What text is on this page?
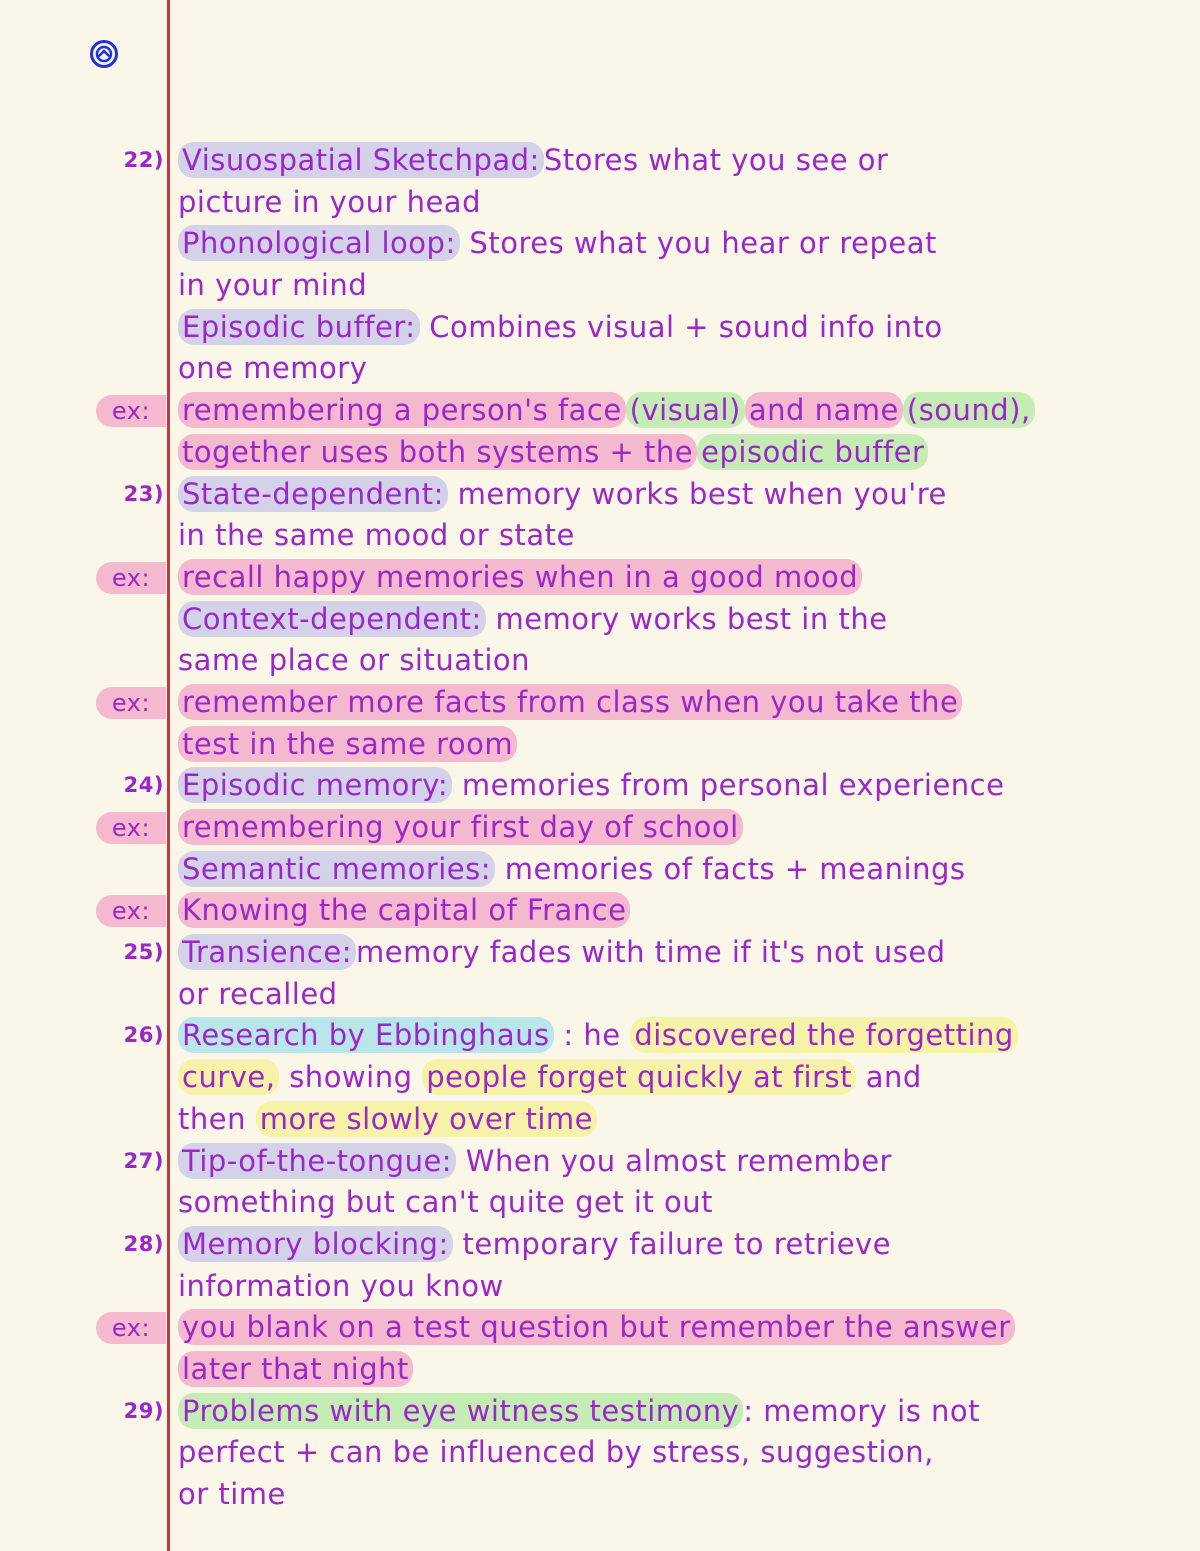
22) Visuospatial Sketchpad: Stores what you see or
picture in your head
Phonological loop: Stores what you hear or repeat
in your mind
Episodic buffer: Combines visual + sound info into
one memory
ex:	remembering a person's face (visual) and name (sound),
together uses both systems + the episodic buffer
23) State-dependent: memory works best when you're
in the same mood or state
ex:	recall happy memories when in a good mood
Context-dependent: memory works best in the
same place or situation
ex:	remember more facts from class when you take the
test in the same room
24) Episodic memory: memories from personal experience
ex:	remembering your first day of school
Semantic memories: memories of facts + meanings
ex:	Knowing the capital of France
25) Transience: memory fades with time if it's not used
or recalled
26) Research by Ebbinghaus : he discovered the forgetting
curve, showing people forget quickly at first and
then more slowly over time
27) Tip-of-the-tongue: When you almost remember
something but can't quite get it out
28) Memory blocking: temporary failure to retrieve
information you know
ex:	you blank on a test question but remember the answer
later that night
29) Problems with eye witness testimony : memory is not
perfect + can be influenced by stress, suggestion,
or time
